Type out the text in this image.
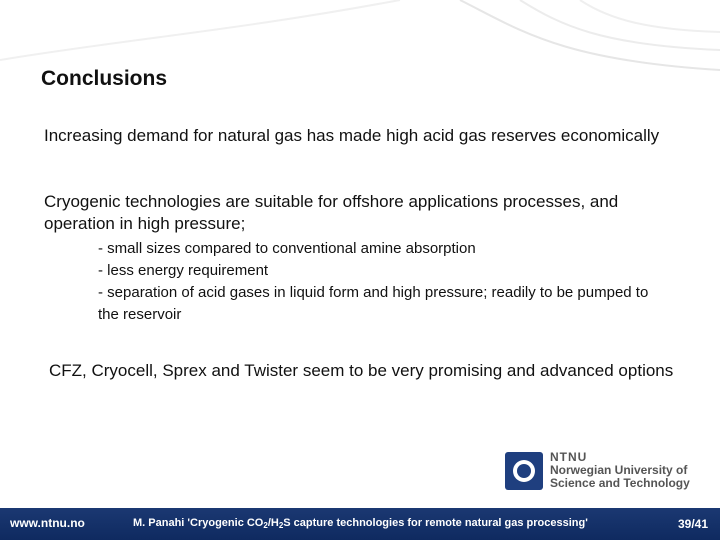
Conclusions
Increasing demand for natural gas has made high acid gas reserves economically
Cryogenic technologies are suitable for offshore applications processes, and operation in high pressure;
- small sizes compared to conventional amine absorption
- less energy requirement
- separation of acid gases in liquid form and high pressure; readily to be pumped to the reservoir
CFZ, Cryocell, Sprex and Twister seem to be very promising and advanced options
NTNU
Norwegian University of
Science and Technology
www.ntnu.no	M. Panahi 'Cryogenic $CO_2/H_2S$ capture technologies for remote natural gas processing'	39/41
